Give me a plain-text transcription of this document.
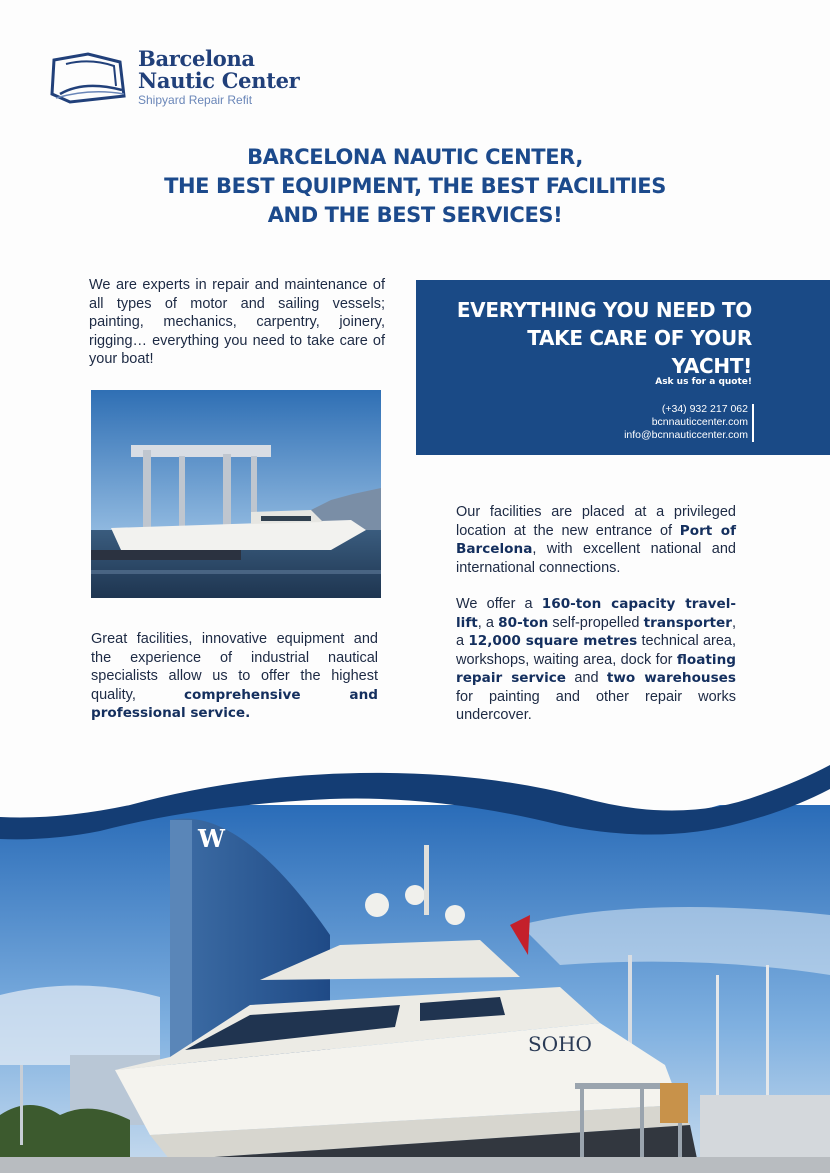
Barcelona
Nautic Center
Shipyard Repair Refit
BARCELONA NAUTIC CENTER,
THE BEST EQUIPMENT, THE BEST FACILITIES
AND THE BEST SERVICES!
We are experts in repair and maintenance of all types of motor and sailing vessels; painting, mechanics, carpentry, joinery, rigging… everything you need to take care of your boat!
Great facilities, innovative equipment and the experience of industrial nautical specialists allow us to offer the highest quality, comprehensive and professional service.
EVERYTHING YOU NEED TO
TAKE CARE OF YOUR
YACHT!
Ask us for a quote!
(+34) 932 217 062
bcnnauticcenter.com
info@bcnnauticcenter.com
Our facilities are placed at a privileged location at the new entrance of Port of Barcelona, with excellent national and international connections.
We offer a 160-ton capacity travel-lift, a 80-ton self-propelled transporter, a 12,000 square metres technical area, workshops, waiting area, dock for floating repair service and two warehouses for painting and other repair works undercover.
W
SOHO
